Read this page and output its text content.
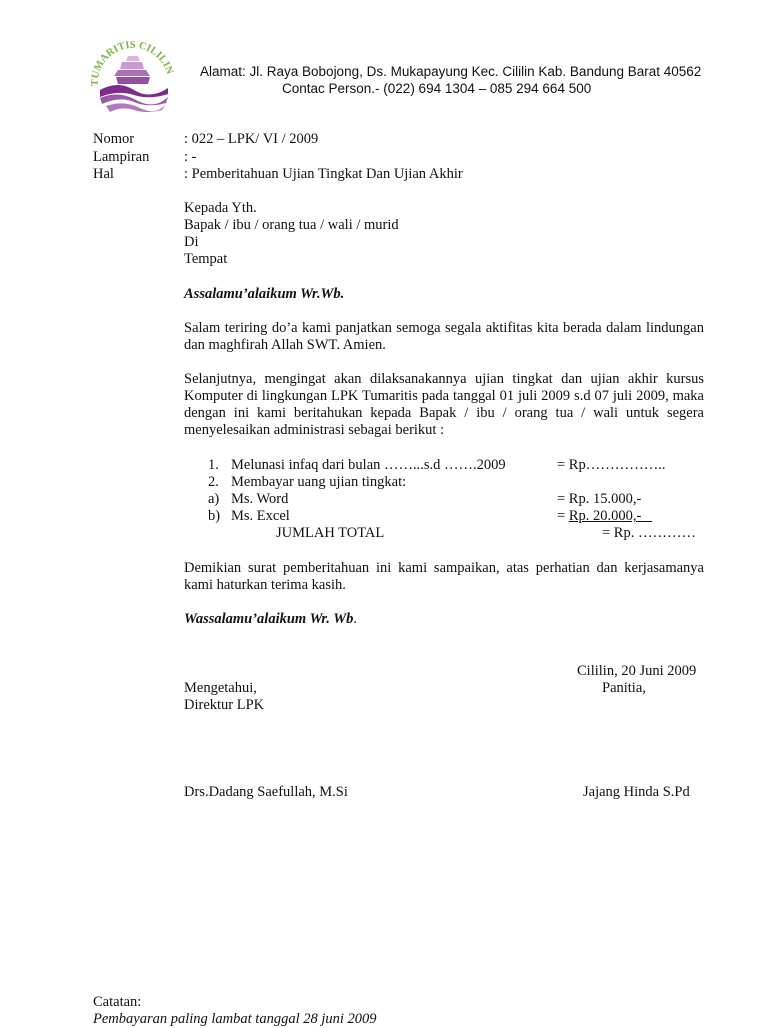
TUMARITIS CILILIN Alamat: Jl. Raya Bobojong, Ds. Mukapayung Kec. Cililin Kab. Bandung Barat 40562
Contac Person.- (022) 694 1304 – 085 294 664 500
Nomor	: 022 – LPK/ VI / 2009
Lampiran : -
Hal	: Pemberitahuan Ujian Tingkat Dan Ujian Akhir
Kepada Yth.
Bapak / ibu / orang tua / wali / murid
Di
Tempat
Assalamu’alaikum Wr.Wb.
Salam teriring do’a kami panjatkan semoga segala aktifitas kita berada dalam lindungan dan maghfirah Allah SWT. Amien.
Selanjutnya, mengingat akan dilaksanakannya ujian tingkat dan ujian akhir kursus Komputer di lingkungan LPK Tumaritis pada tanggal 01 juli 2009 s.d 07 juli 2009, maka dengan ini kami beritahukan kepada Bapak / ibu / orang tua / wali untuk segera menyelesaikan administrasi sebagai berikut :
1. Melunasi infaq dari bulan ……...s.d …….2009	= Rp……………..
2. Membayar uang ujian tingkat:
a) Ms. Word	= Rp. 15.000,-
b) Ms. Excel	= Rp. 20.000,-
JUMLAH TOTAL	= Rp. …………
Demikian surat pemberitahuan ini kami sampaikan, atas perhatian dan kerjasamanya kami haturkan terima kasih.
Wassalamu’alaikum Wr. Wb.
Cililin, 20 Juni 2009
Mengetahui,	Panitia,
Direktur LPK
Drs.Dadang Saefullah, M.Si	Jajang Hinda S.Pd
Catatan:
Pembayaran paling lambat tanggal 28 juni 2009
